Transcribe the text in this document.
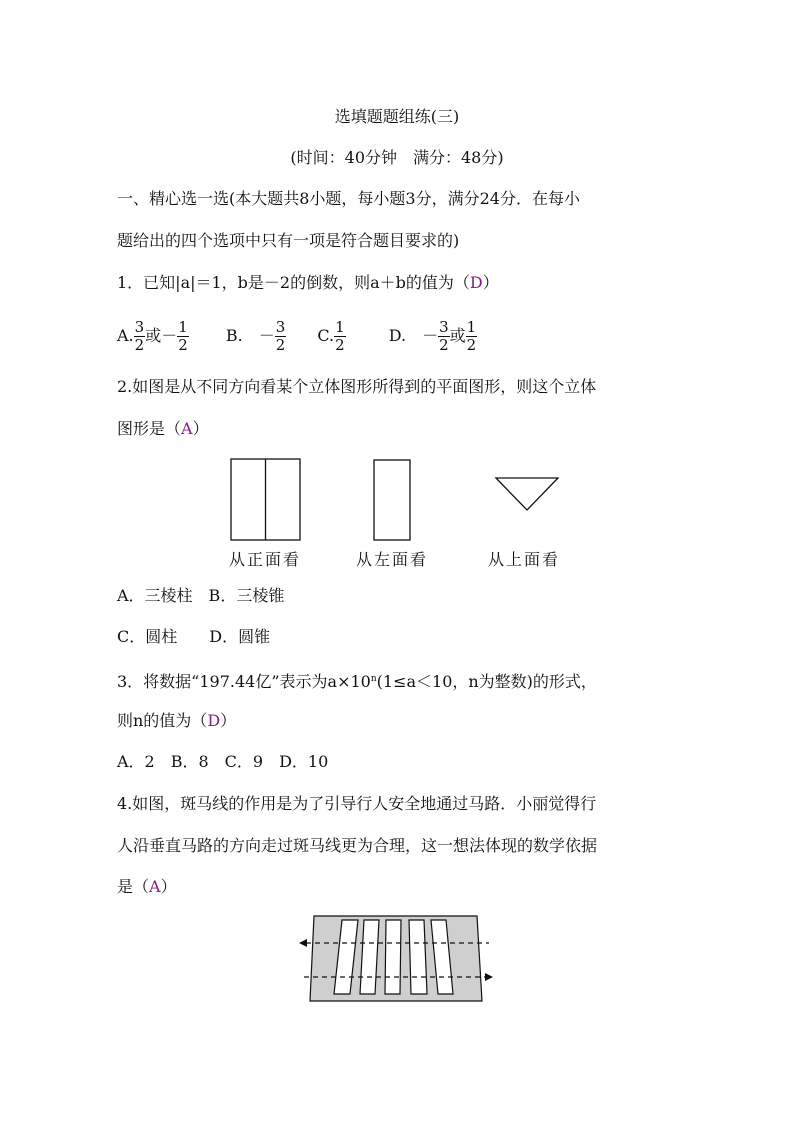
选填题题组练(三)
(时间：40分钟　满分：48分)
一、精心选一选(本大题共8小题，每小题3分，满分24分．在每小
题给出的四个选项中只有一项是符合题目要求的)
1．已知|a|＝1，b是－2的倒数，则a＋b的值为（D）
A. $\frac{3}{2}$ 或－ $\frac{1}{2} B$.　－ $\frac{3}{2} C$. $\frac{1}{2}$	D.　－ $\frac{3}{2}$ 或 $\frac{1}{2}$
2.如图是从不同方向看某个立体图形所得到的平面图形，则这个立体
图形是（A）
从正面看	从左面看	从上面看
A．三棱柱　B．三棱锥
C．圆柱　　D．圆锥
3．将数据“197.44亿”表示为$a\times 10^n(1\le a<10$，n为整数)的形式，
则n的值为（D）
A．2　B．8　C．9　D．10
4.如图，斑马线的作用是为了引导行人安全地通过马路．小丽觉得行
人沿垂直马路的方向走过斑马线更为合理，这一想法体现的数学依据
是（A）
